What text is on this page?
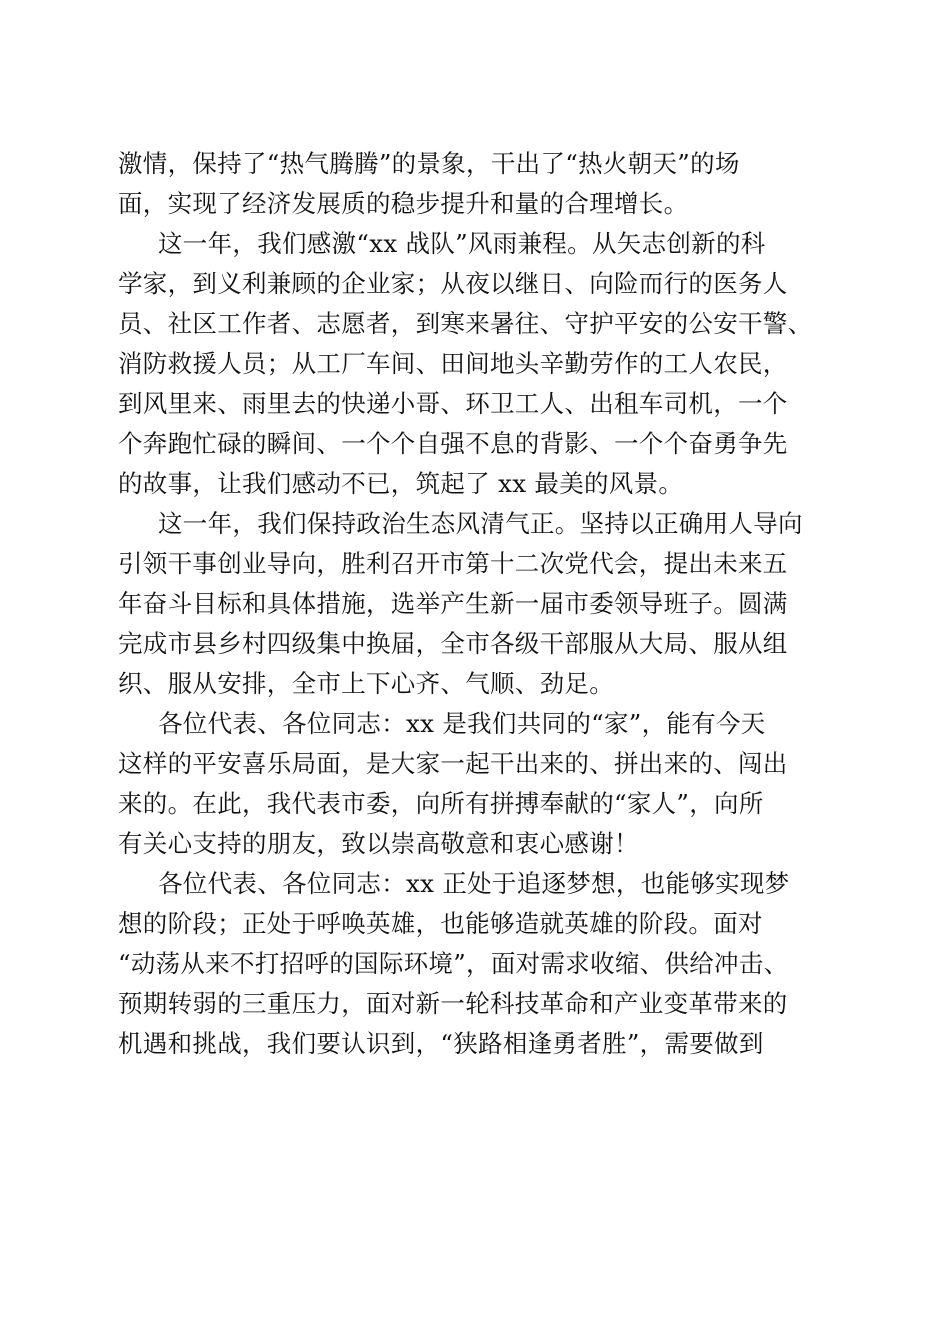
激情，保持了“热气腾腾”的景象，干出了“热火朝天”的场
面，实现了经济发展质的稳步提升和量的合理增长。
这一年，我们感激“xx 战队”风雨兼程。从矢志创新的科
学家，到义利兼顾的企业家；从夜以继日、向险而行的医务人
员、社区工作者、志愿者，到寒来暑往、守护平安的公安干警、
消防救援人员；从工厂车间、田间地头辛勤劳作的工人农民，
到风里来、雨里去的快递小哥、环卫工人、出租车司机，一个
个奔跑忙碌的瞬间、一个个自强不息的背影、一个个奋勇争先
的故事，让我们感动不已，筑起了 xx 最美的风景。
这一年，我们保持政治生态风清气正。坚持以正确用人导向
引领干事创业导向，胜利召开市第十二次党代会，提出未来五
年奋斗目标和具体措施，选举产生新一届市委领导班子。圆满
完成市县乡村四级集中换届，全市各级干部服从大局、服从组
织、服从安排，全市上下心齐、气顺、劲足。
各位代表、各位同志：xx 是我们共同的“家”，能有今天
这样的平安喜乐局面，是大家一起干出来的、拼出来的、闯出
来的。在此，我代表市委，向所有拼搏奉献的“家人”，向所
有关心支持的朋友，致以崇高敬意和衷心感谢！
各位代表、各位同志：xx 正处于追逐梦想，也能够实现梦
想的阶段；正处于呼唤英雄，也能够造就英雄的阶段。面对
“动荡从来不打招呼的国际环境”，面对需求收缩、供给冲击、
预期转弱的三重压力，面对新一轮科技革命和产业变革带来的
机遇和挑战，我们要认识到，“狭路相逢勇者胜”，需要做到
